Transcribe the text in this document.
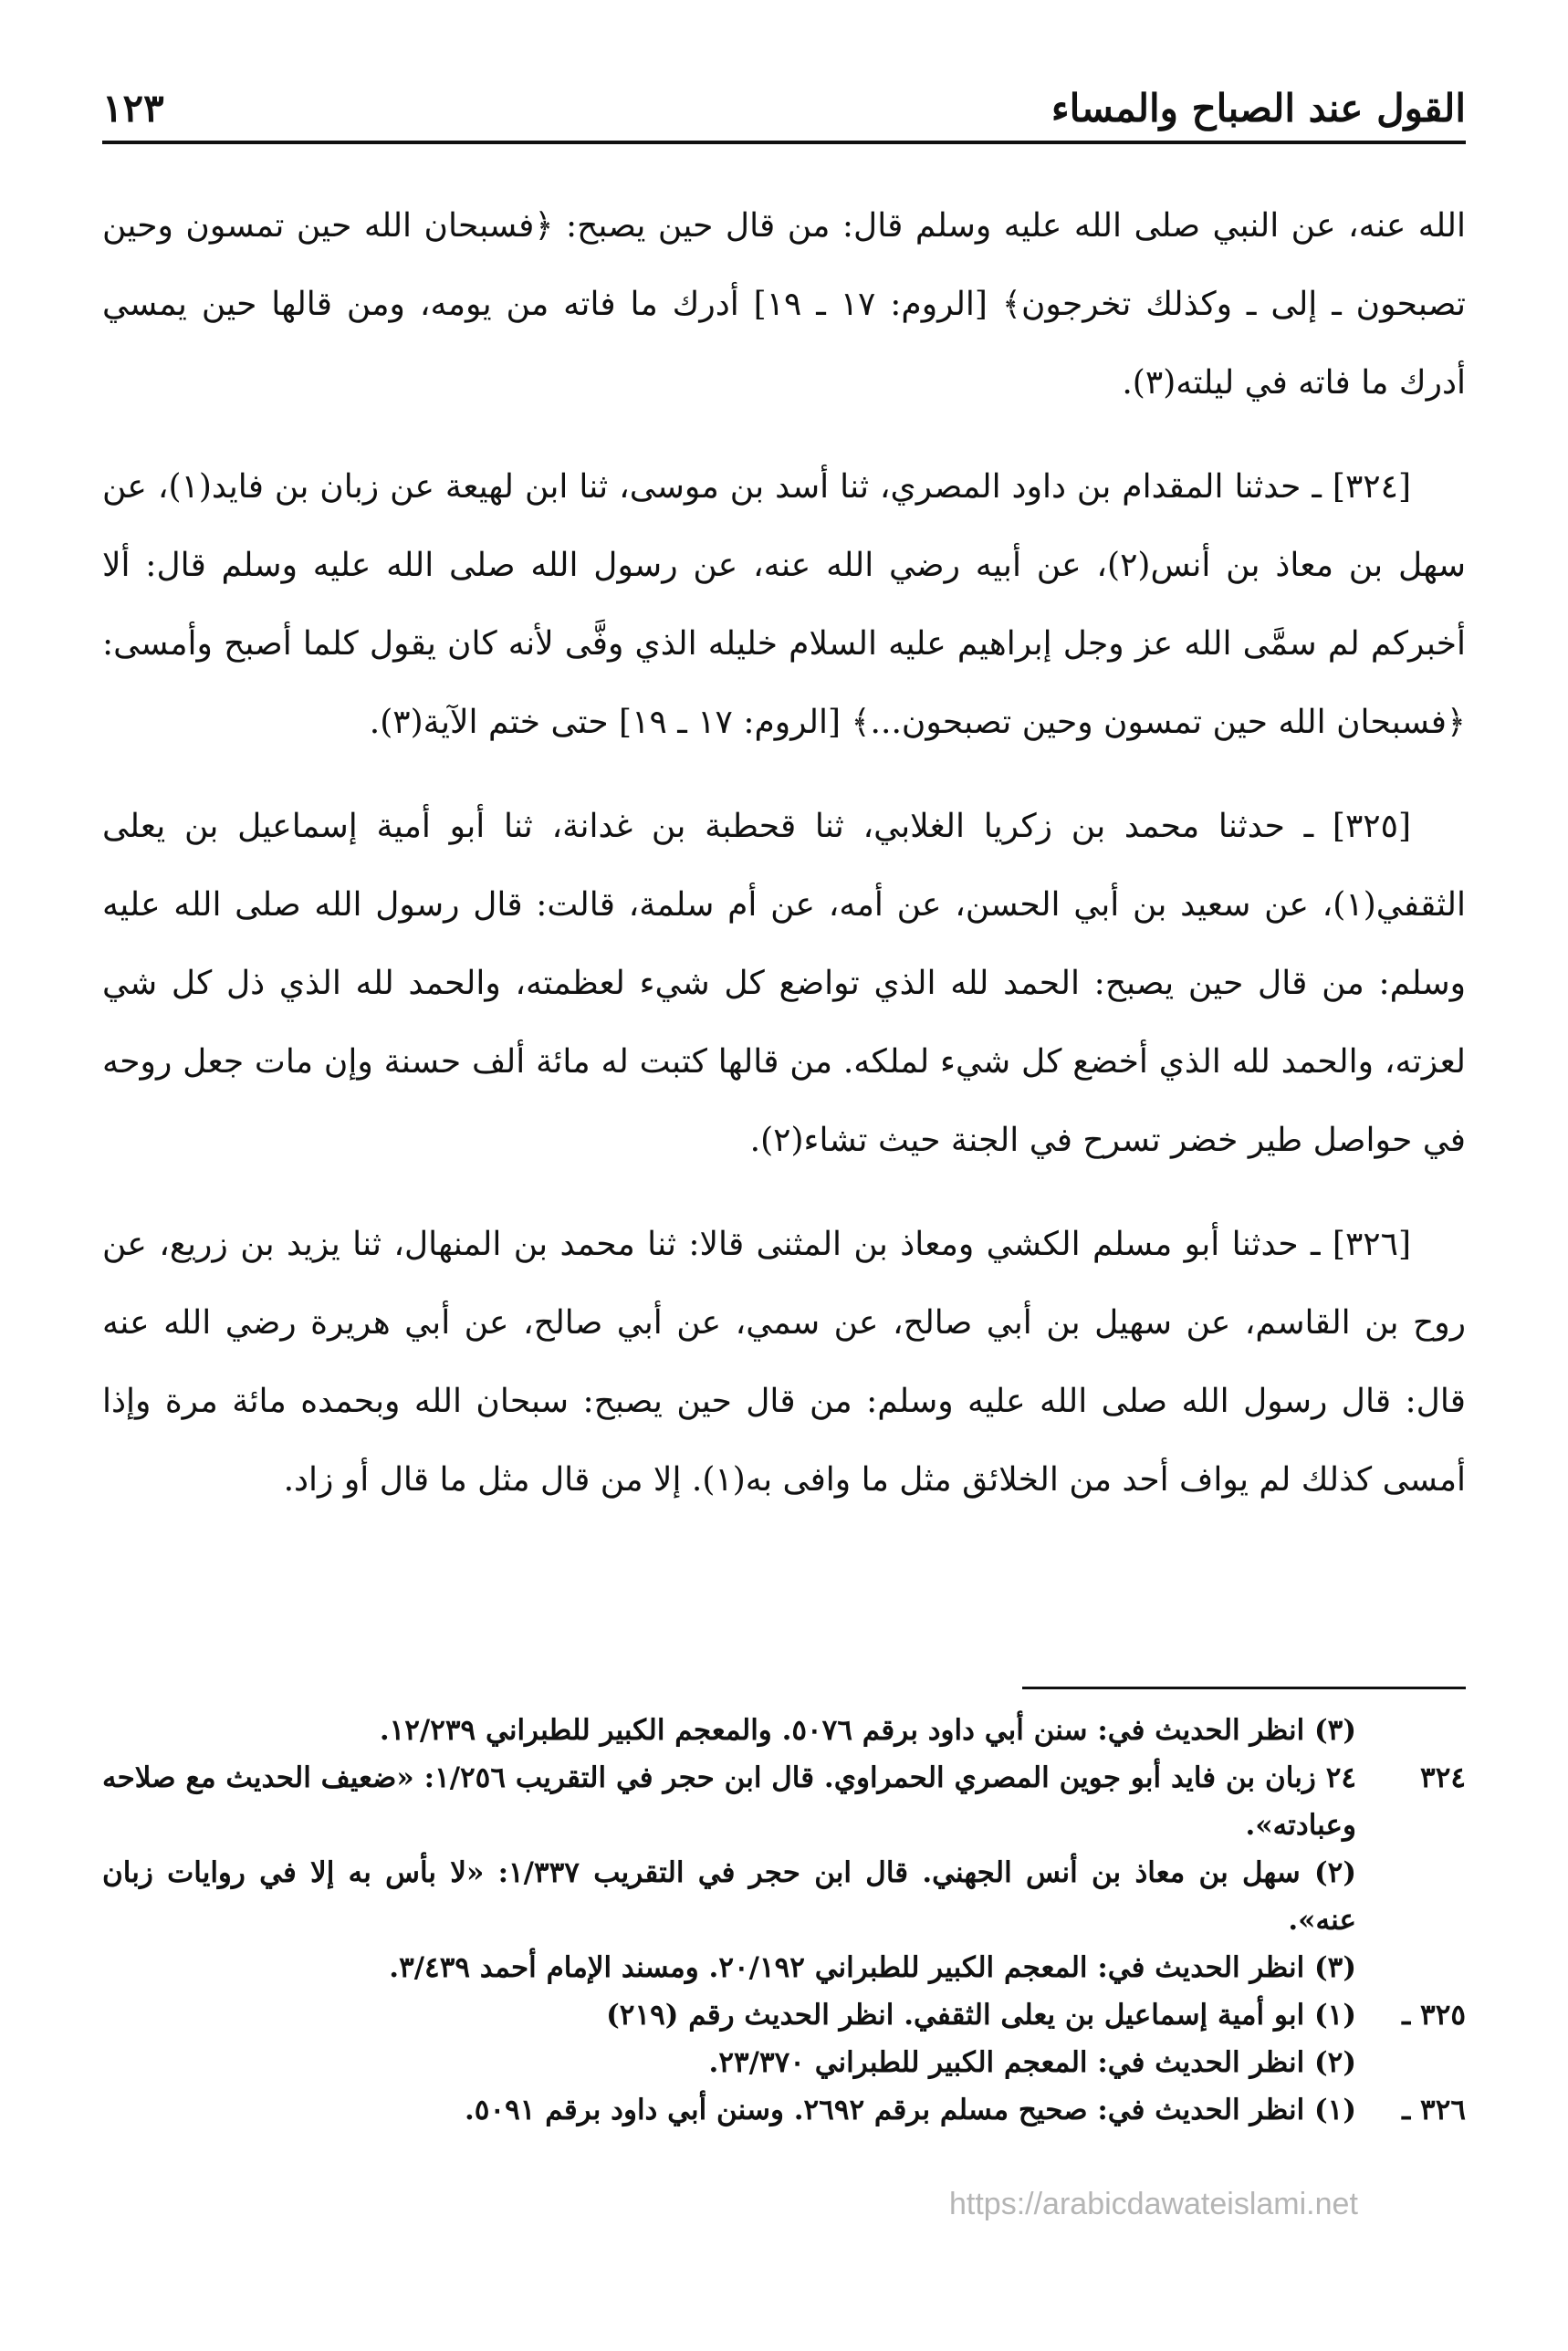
القول عند الصباح والمساء
١٢٣

الله عنه، عن النبي صلى الله عليه وسلم قال: من قال حين يصبح: ﴿فسبحان الله حين تمسون وحين تصبحون ـ إلى ـ وكذلك تخرجون﴾ [الروم: ١٧ ـ ١٩] أدرك ما فاته من يومه، ومن قالها حين يمسي أدرك ما فاته في ليلته(٣).

[٣٢٤] ـ حدثنا المقدام بن داود المصري، ثنا أسد بن موسى، ثنا ابن لهيعة عن زبان بن فايد(١)، عن سهل بن معاذ بن أنس(٢)، عن أبيه رضي الله عنه، عن رسول الله صلى الله عليه وسلم قال: ألا أخبركم لم سمَّى الله عز وجل إبراهيم عليه السلام خليله الذي وفَّى لأنه كان يقول كلما أصبح وأمسى: ﴿فسبحان الله حين تمسون وحين تصبحون...﴾ [الروم: ١٧ ـ ١٩] حتى ختم الآية(٣).

[٣٢٥] ـ حدثنا محمد بن زكريا الغلابي، ثنا قحطبة بن غدانة، ثنا أبو أمية إسماعيل بن يعلى الثقفي(١)، عن سعيد بن أبي الحسن، عن أمه، عن أم سلمة، قالت: قال رسول الله صلى الله عليه وسلم: من قال حين يصبح: الحمد لله الذي تواضع كل شيء لعظمته، والحمد لله الذي ذل كل شي لعزته، والحمد لله الذي أخضع كل شيء لملكه. من قالها كتبت له مائة ألف حسنة وإن مات جعل روحه في حواصل طير خضر تسرح في الجنة حيث تشاء(٢).

[٣٢٦] ـ حدثنا أبو مسلم الكشي ومعاذ بن المثنى قالا: ثنا محمد بن المنهال، ثنا يزيد بن زريع، عن روح بن القاسم، عن سهيل بن أبي صالح، عن سمي، عن أبي صالح، عن أبي هريرة رضي الله عنه قال: قال رسول الله صلى الله عليه وسلم: من قال حين يصبح: سبحان الله وبحمده مائة مرة وإذا أمسى كذلك لم يواف أحد من الخلائق مثل ما وافى به(١). إلا من قال مثل ما قال أو زاد.

(٣) انظر الحديث في: سنن أبي داود برقم ٥٠٧٦. والمعجم الكبير للطبراني ١٢/٢٣٩.
٣٢٤
٢٤ زبان بن فايد أبو جوين المصري الحمراوي. قال ابن حجر في التقريب ١/٢٥٦: «ضعيف الحديث مع صلاحه وعبادته».
(٢) سهل بن معاذ بن أنس الجهني. قال ابن حجر في التقريب ١/٣٣٧: «لا بأس به إلا في روايات زبان عنه».
(٣) انظر الحديث في: المعجم الكبير للطبراني ٢٠/١٩٢. ومسند الإمام أحمد ٣/٤٣٩.
٣٢٥ ـ
(١) ابو أمية إسماعيل بن يعلى الثقفي. انظر الحديث رقم (٢١٩)
(٢) انظر الحديث في: المعجم الكبير للطبراني ٢٣/٣٧٠.
٣٢٦ ـ
(١) انظر الحديث في: صحيح مسلم برقم ٢٦٩٢. وسنن أبي داود برقم ٥٠٩١.
https://arabicdawateislami.net
